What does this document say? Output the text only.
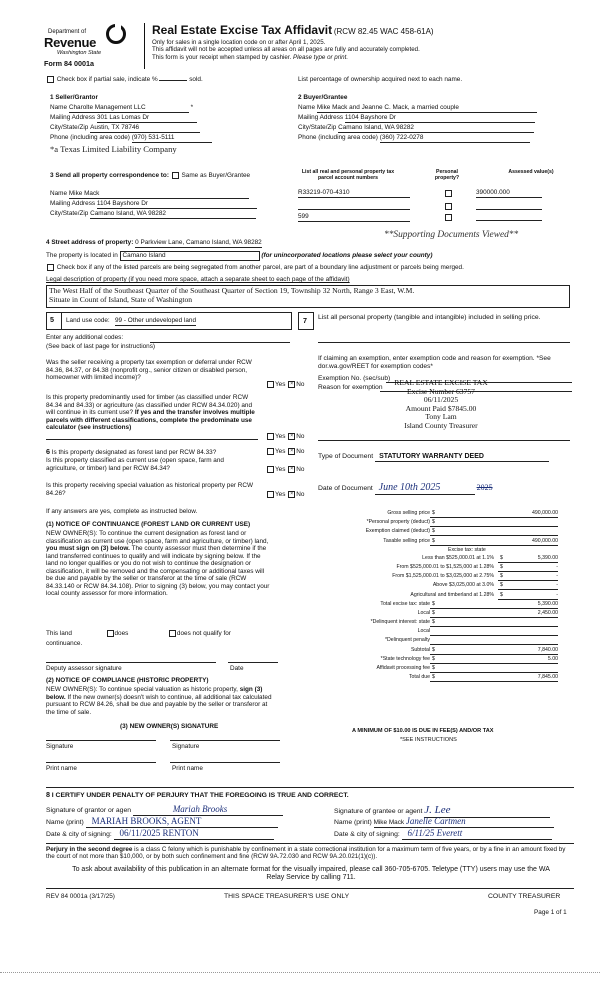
Department of
Revenue
Washington State
Form 84 0001a
Real Estate Excise Tax Affidavit (RCW 82.45 WAC 458-61A)
Only for sales in a single location code on or after April 1, 2025.
This affidavit will not be accepted unless all areas on all pages are fully and accurately completed.
This form is your receipt when stamped by cashier. Please type or print.
Check box if partial sale, indicate %	sold.	List percentage of ownership acquired next to each name.
1 Seller/Grantor
Name Charolte Management LLC	*
Mailing Address 301 Las Lomas Dr
City/State/Zip Austin, TX 78746
Phone (including area code) (970) 531-5111
*a Texas Limited Liability Company
2 Buyer/Grantee
Name Mike Mack and Jeanne C. Mack, a married couple
Mailing Address 1104 Bayshore Dr
City/State/Zip Camano Island, WA 98282
Phone (including area code) (360) 722-0278
3 Send all property correspondence to: Same as Buyer/Grantee
Name Mike Mack
Mailing Address 1104 Bayshore Dr
City/State/Zip Camano Island, WA 98282
List all real and personal property tax parcel account numbers
Personal property?
Assessed value(s)
R33219-070-4310	390000.000
599
**Supporting Documents Viewed**
4 Street address of property: 0 Parkview Lane, Camano Island, WA 98282
The property is located in Camano Island	(for unincorporated locations please select your county)
Check box if any of the listed parcels are being segregated from another parcel, are part of a boundary line adjustment or parcels being merged.
Legal description of property (if you need more space, attach a separate sheet to each page of the affidavit)
The West Half of the Southeast Quarter of the Southeast Quarter of Section 19, Township 32 North, Range 3 East, W.M.
Situate in Count of Island, State of Washington
5 Land use code: 99 - Other undeveloped land
Enter any additional codes:
(See back of last page for instructions)
Was the seller receiving a property tax exemption or deferral under RCW 84.36, 84.37, or 84.38 (nonprofit org., senior citizen or disabled person, homeowner with limited income)?
Yes × No
Is this property predominantly used for timber (as classified under RCW 84.34 and 84.33) or agriculture (as classified under RCW 84.34.020) and will continue in its current use? If yes and the transfer involves multiple parcels with different classifications, complete the predominate use calculator (see instructions)
Yes × No
6 Is this property designated as forest land per RCW 84.33?	Yes × No
Is this property classified as current use (open space, farm and agriculture, or timber) land per RCW 84.34?	Yes × No
Is this property receiving special valuation as historical property per RCW 84.26?	Yes × No
If any answers are yes, complete as instructed below.
(1) NOTICE OF CONTINUANCE (FOREST LAND OR CURRENT USE)
NEW OWNER(S): To continue the current designation as forest land or classification as current use (open space, farm and agriculture, or timber) land, you must sign on (3) below. The county assessor must then determine if the land transferred continues to qualify and will indicate by signing below. If the land no longer qualifies or you do not wish to continue the designation or classification, it will be removed and the compensating or additional taxes will be due and payable by the seller or transferor at the time of sale (RCW 84.33.140 or RCW 84.34.108). Prior to signing (3) below, you may contact your local county assessor for more information.
This land	does	does not qualify for
continuance.
Deputy assessor signature	Date
(2) NOTICE OF COMPLIANCE (HISTORIC PROPERTY)
NEW OWNER(S): To continue special valuation as historic property, sign (3) below. If the new owner(s) doesn't wish to continue, all additional tax calculated pursuant to RCW 84.26, shall be due and payable by the seller or transferor at the time of sale.
(3) NEW OWNER(S) SIGNATURE
Signature	Signature
Print name	Print name
7 List all personal property (tangible and intangible) included in selling price.
If claiming an exemption, enter exemption code and reason for exemption. *See dor.wa.gov/REET for exemption codes*
Exemption No. (sec/sub)
Reason for exemption
REAL ESTATE EXCISE TAX
Excise Number 63757
06/11/2025
Amount Paid $7845.00
Tony Lam
Island County Treasurer
Type of Document STATUTORY WARRANTY DEED
Date of Document June 10th 2025	2025
Gross selling price $	490,000.00
*Personal property (deduct) $
Exemption claimed (deduct) $
Taxable selling price $	490,000.00
Excise tax: state
Less than $525,000.01 at 1.1% $	5,390.00
From $525,000.01 to $1,525,000 at 1.28% $	-
From $1,525,000.01 to $3,025,000 at 2.75% $	-
Above $3,025,000 at 3.0% $	-
Agricultural and timberland at 1.28% $	-
Total excise tax: state $	5,390.00
Local $	2,450.00
*Delinquent interest: state $
Local
*Delinquent penalty
Subtotal $	7,840.00
*State technology fee $	5.00
Affidavit processing fee $
Total due $	7,845.00
A MINIMUM OF $10.00 IS DUE IN FEE(S) AND/OR TAX
*SEE INSTRUCTIONS
8 I CERTIFY UNDER PENALTY OF PERJURY THAT THE FOREGOING IS TRUE AND CORRECT.
Signature of grantor or agen	Mariah Brooks
Name (print) MARIAH BROOKS, AGENT
Date & city of signing: 06/11/2025 RENTON
Signature of grantee or agent J. Lee
Name (print) Mike Mack Janelle Cartmen
Date & city of signing: 6/11/25 Everett
Perjury in the second degree is a class C felony which is punishable by confinement in a state correctional institution for a maximum term of five years, or by a fine in an amount fixed by the court of not more than $10,000, or by both such confinement and fine (RCW 9A.72.030 and RCW 9A.20.021(1)(c)).
To ask about availability of this publication in an alternate format for the visually impaired, please call 360-705-6705. Teletype (TTY) users may use the WA Relay Service by calling 711.
REV 84 0001a (3/17/25)	THIS SPACE TREASURER'S USE ONLY	COUNTY TREASURER
Page 1 of 1
